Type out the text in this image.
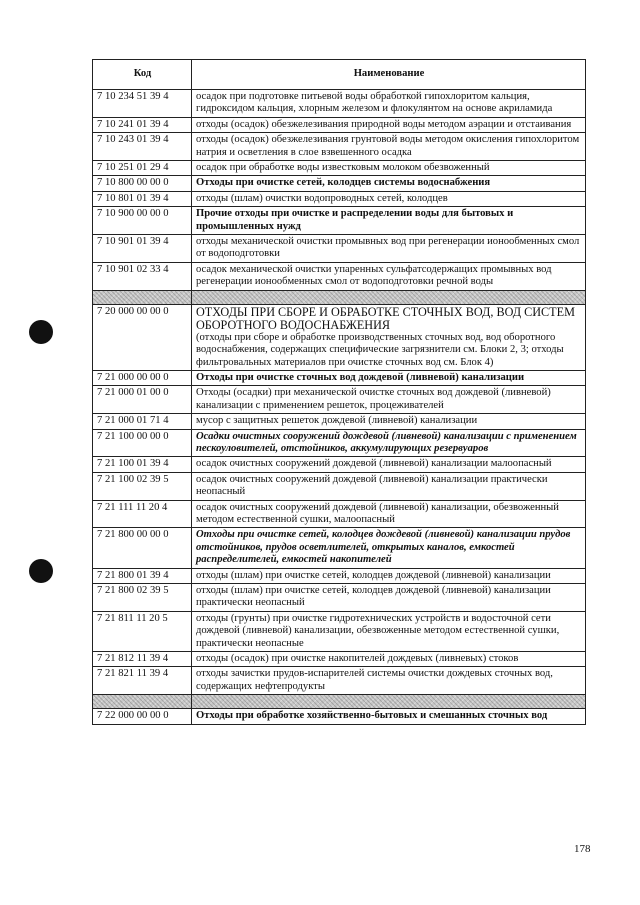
Код	Наименование
7 10 234 51 39 4	осадок при подготовке питьевой воды обработкой гипохлоритом кальция, гидроксидом кальция, хлорным железом и флокулянтом на основе акриламида
7 10 241 01 39 4	отходы (осадок) обезжелезивания природной воды методом аэрации и отстаивания
7 10 243 01 39 4	отходы (осадок) обезжелезивания грунтовой воды методом окисления гипохлоритом натрия и осветления в слое взвешенного осадка
7 10 251 01 29 4	осадок при обработке воды известковым молоком обезвоженный
7 10 800 00 00 0	Отходы при очистке сетей, колодцев системы водоснабжения
7 10 801 01 39 4	отходы (шлам) очистки водопроводных сетей, колодцев
7 10 900 00 00 0	Прочие отходы при очистке и распределении воды для бытовых и промышленных нужд
7 10 901 01 39 4	отходы механической очистки промывных вод при регенерации ионообменных смол от водоподготовки
7 10 901 02 33 4	осадок механической очистки упаренных сульфатсодержащих промывных вод регенерации ионообменных смол от водоподготовки речной воды

7 20 000 00 00 0	ОТХОДЫ ПРИ СБОРЕ И ОБРАБОТКЕ СТОЧНЫХ ВОД, ВОД СИСТЕМ ОБОРОТНОГО ВОДОСНАБЖЕНИЯ
(отходы при сборе и обработке производственных сточных вод, вод оборотного водоснабжения, содержащих специфические загрязнители см. Блоки 2, 3; отходы фильтровальных материалов при очистке сточных вод см. Блок 4)

7 21 000 00 00 0	Отходы при очистке сточных вод дождевой (ливневой) канализации
7 21 000 01 00 0	Отходы (осадки) при механической очистке сточных вод дождевой (ливневой) канализации с применением решеток, процеживателей
7 21 000 01 71 4	мусор с защитных решеток дождевой (ливневой) канализации
7 21 100 00 00 0	Осадки очистных сооружений дождевой (ливневой) канализации с применением пескоуловителей, отстойников, аккумулирующих резервуаров
7 21 100 01 39 4	осадок очистных сооружений дождевой (ливневой) канализации малоопасный
7 21 100 02 39 5	осадок очистных сооружений дождевой (ливневой) канализации практически неопасный
7 21 111 11 20 4	осадок очистных сооружений дождевой (ливневой) канализации, обезвоженный методом естественной сушки, малоопасный
7 21 800 00 00 0	Отходы при очистке сетей, колодцев дождевой (ливневой) канализации прудов отстойников, прудов осветлителей, открытых каналов, емкостей распределителей, емкостей накопителей
7 21 800 01 39 4	отходы (шлам) при очистке сетей, колодцев дождевой (ливневой) канализации
7 21 800 02 39 5	отходы (шлам) при очистке сетей, колодцев дождевой (ливневой) канализации практически неопасный
7 21 811 11 20 5	отходы (грунты) при очистке гидротехнических устройств и водосточной сети дождевой (ливневой) канализации, обезвоженные методом естественной сушки, практически неопасные
7 21 812 11 39 4	отходы (осадок) при очистке накопителей дождевых (ливневых) стоков
7 21 821 11 39 4	отходы зачистки прудов-испарителей системы очистки дождевых сточных вод, содержащих нефтепродукты

7 22 000 00 00 0	Отходы при обработке хозяйственно-бытовых и смешанных сточных вод
178
